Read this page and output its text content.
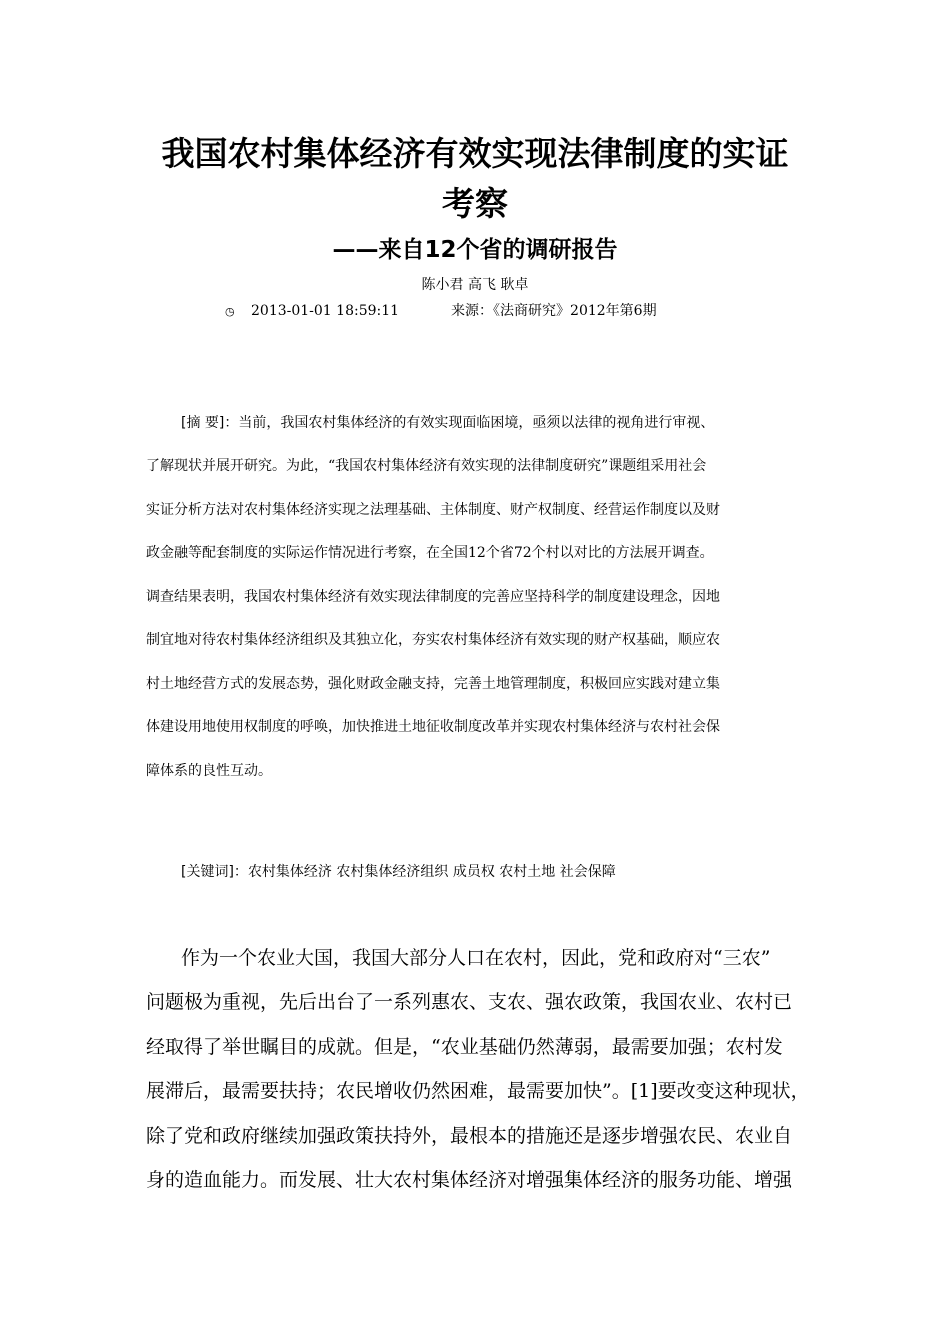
我国农村集体经济有效实现法律制度的实证
考察
——来自12个省的调研报告
陈小君 高飞 耿卓
◷ 2013-01-01 18:59:11	来源：《法商研究》2012年第6期

[摘 要]：当前，我国农村集体经济的有效实现面临困境，亟须以法律的视角进行审视、

了解现状并展开研究。为此，“我国农村集体经济有效实现的法律制度研究”课题组采用社会

实证分析方法对农村集体经济实现之法理基础、主体制度、财产权制度、经营运作制度以及财

政金融等配套制度的实际运作情况进行考察，在全国12个省72个村以对比的方法展开调查。

调查结果表明，我国农村集体经济有效实现法律制度的完善应坚持科学的制度建设理念，因地

制宜地对待农村集体经济组织及其独立化，夯实农村集体经济有效实现的财产权基础，顺应农

村土地经营方式的发展态势，强化财政金融支持，完善土地管理制度，积极回应实践对建立集

体建设用地使用权制度的呼唤，加快推进土地征收制度改革并实现农村集体经济与农村社会保

障体系的良性互动。

[关键词]：农村集体经济 农村集体经济组织 成员权 农村土地 社会保障

作为一个农业大国，我国大部分人口在农村，因此，党和政府对“三农”

问题极为重视，先后出台了一系列惠农、支农、强农政策，我国农业、农村已

经取得了举世瞩目的成就。但是，“农业基础仍然薄弱，最需要加强；农村发

展滞后，最需要扶持；农民增收仍然困难，最需要加快”。[1]要改变这种现状，

除了党和政府继续加强政策扶持外，最根本的措施还是逐步增强农民、农业自

身的造血能力。而发展、壮大农村集体经济对增强集体经济的服务功能、增强
